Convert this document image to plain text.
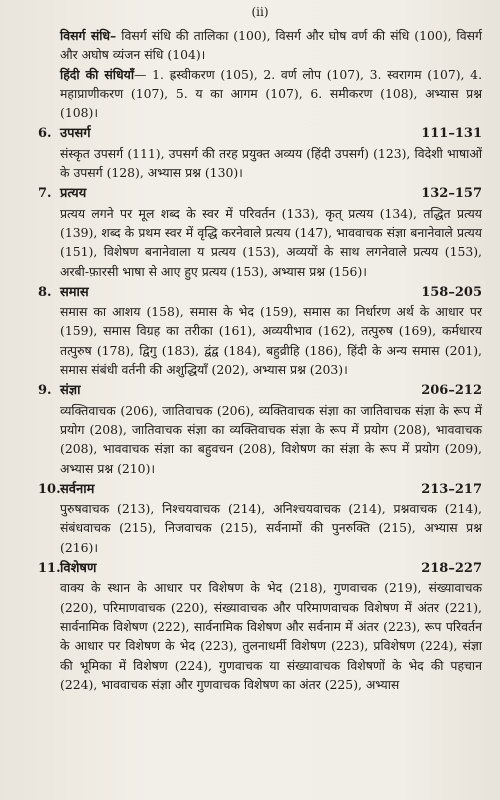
(ii)

विसर्ग संधि– विसर्ग संधि की तालिका (100), विसर्ग और घोष वर्ण की संधि (100), विसर्ग और अघोष व्यंजन संधि (104)।

हिंदी की संधियाँ— 1. ह्रस्वीकरण (105), 2. वर्ण लोप (107), 3. स्वरागम (107), 4. महाप्राणीकरण (107), 5. य का आगम (107), 6. समीकरण (108), अभ्यास प्रश्न (108)।

6. उपसर्ग	111–131

संस्कृत उपसर्ग (111), उपसर्ग की तरह प्रयुक्त अव्यय (हिंदी उपसर्ग) (123), विदेशी भाषाओं के उपसर्ग (128), अभ्यास प्रश्न (130)।

7. प्रत्यय	132–157

प्रत्यय लगने पर मूल शब्द के स्वर में परिवर्तन (133), कृत् प्रत्यय (134), तद्धित प्रत्यय (139), शब्द के प्रथम स्वर में वृद्धि करनेवाले प्रत्यय (147), भाववाचक संज्ञा बनानेवाले प्रत्यय (151), विशेषण बनानेवाला य प्रत्यय (153), अव्ययों के साथ लगनेवाले प्रत्यय (153), अरबी-फ़ारसी भाषा से आए हुए प्रत्यय (153), अभ्यास प्रश्न (156)।

8. समास	158–205

समास का आशय (158), समास के भेद (159), समास का निर्धारण अर्थ के आधार पर (159), समास विग्रह का तरीका (161), अव्ययीभाव (162), तत्पुरुष (169), कर्मधारय तत्पुरुष (178), द्विगु (183), द्वंद्व (184), बहुव्रीहि (186), हिंदी के अन्य समास (201), समास संबंधी वर्तनी की अशुद्धियाँ (202), अभ्यास प्रश्न (203)।

9. संज्ञा	206–212

व्यक्तिवाचक (206), जातिवाचक (206), व्यक्तिवाचक संज्ञा का जातिवाचक संज्ञा के रूप में प्रयोग (208), जातिवाचक संज्ञा का व्यक्तिवाचक संज्ञा के रूप में प्रयोग (208), भाववाचक (208), भाववाचक संज्ञा का बहुवचन (208), विशेषण का संज्ञा के रूप में प्रयोग (209), अभ्यास प्रश्न (210)।

10. सर्वनाम	213–217

पुरुषवाचक (213), निश्चयवाचक (214), अनिश्चयवाचक (214), प्रश्नवाचक (214), संबंधवाचक (215), निजवाचक (215), सर्वनामों की पुनरुक्ति (215), अभ्यास प्रश्न (216)।

11. विशेषण	218–227

वाक्य के स्थान के आधार पर विशेषण के भेद (218), गुणवाचक (219), संख्यावाचक (220), परिमाणवाचक (220), संख्यावाचक और परिमाणवाचक विशेषण में अंतर (221), सार्वनामिक विशेषण (222), सार्वनामिक विशेषण और सर्वनाम में अंतर (223), रूप परिवर्तन के आधार पर विशेषण के भेद (223), तुलनाधर्मी विशेषण (223), प्रविशेषण (224), संज्ञा की भूमिका में विशेषण (224), गुणवाचक या संख्यावाचक विशेषणों के भेद की पहचान (224), भाववाचक संज्ञा और गुणवाचक विशेषण का अंतर (225), अभ्यास
